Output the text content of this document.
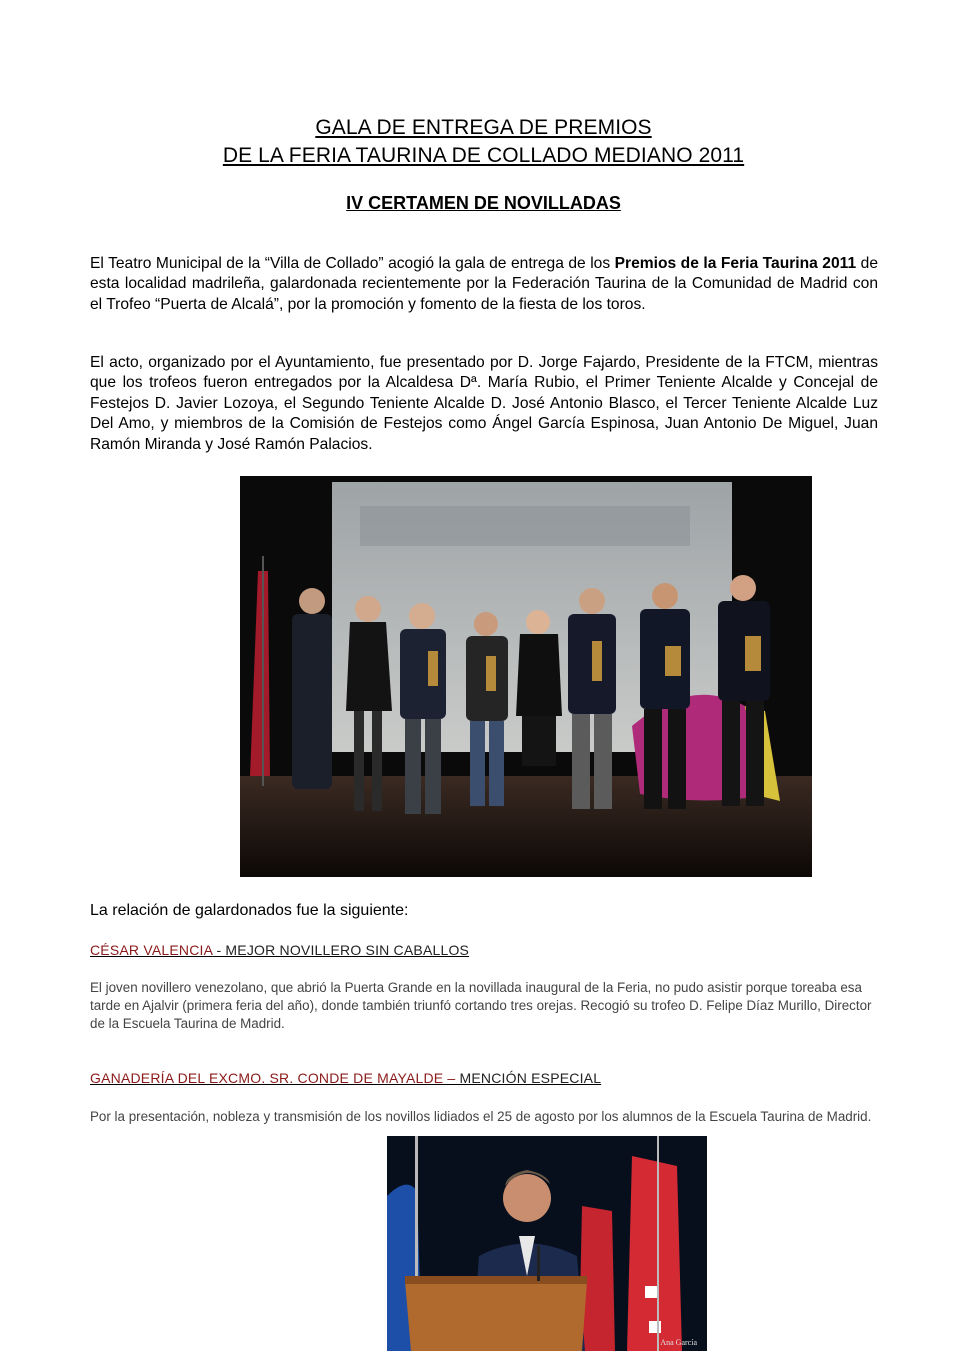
GALA DE ENTREGA DE PREMIOS
DE LA FERIA TAURINA DE COLLADO MEDIANO 2011
IV CERTAMEN DE NOVILLADAS
El Teatro Municipal de la “Villa de Collado” acogió la gala de entrega de los Premios de la Feria Taurina 2011 de esta localidad madrileña, galardonada recientemente por la Federación Taurina de la Comunidad de Madrid con el Trofeo “Puerta de Alcalá”, por la promoción y fomento de la fiesta de los toros.
El acto, organizado por el Ayuntamiento, fue presentado por D. Jorge Fajardo, Presidente de la FTCM, mientras que los trofeos fueron entregados por la Alcaldesa Dª. María Rubio, el Primer Teniente Alcalde y Concejal de Festejos D. Javier Lozoya, el Segundo Teniente Alcalde D. José Antonio Blasco, el Tercer Teniente Alcalde Luz Del Amo, y miembros de la Comisión de Festejos como Ángel García Espinosa, Juan Antonio De Miguel, Juan Ramón Miranda y José Ramón Palacios.
La relación de galardonados fue la siguiente:
CÉSAR VALENCIA - MEJOR NOVILLERO SIN CABALLOS
El joven novillero venezolano, que abrió la Puerta Grande en la novillada inaugural de la Feria, no pudo asistir porque toreaba esa tarde en Ajalvir (primera feria del año), donde también triunfó cortando tres orejas. Recogió su trofeo D. Felipe Díaz Murillo, Director de la Escuela Taurina de Madrid.
GANADERÍA DEL EXCMO. SR. CONDE DE MAYALDE – MENCIÓN ESPECIAL
Por la presentación, nobleza y transmisión de los novillos lidiados el 25 de agosto por los alumnos de la Escuela Taurina de Madrid.
Ana García
